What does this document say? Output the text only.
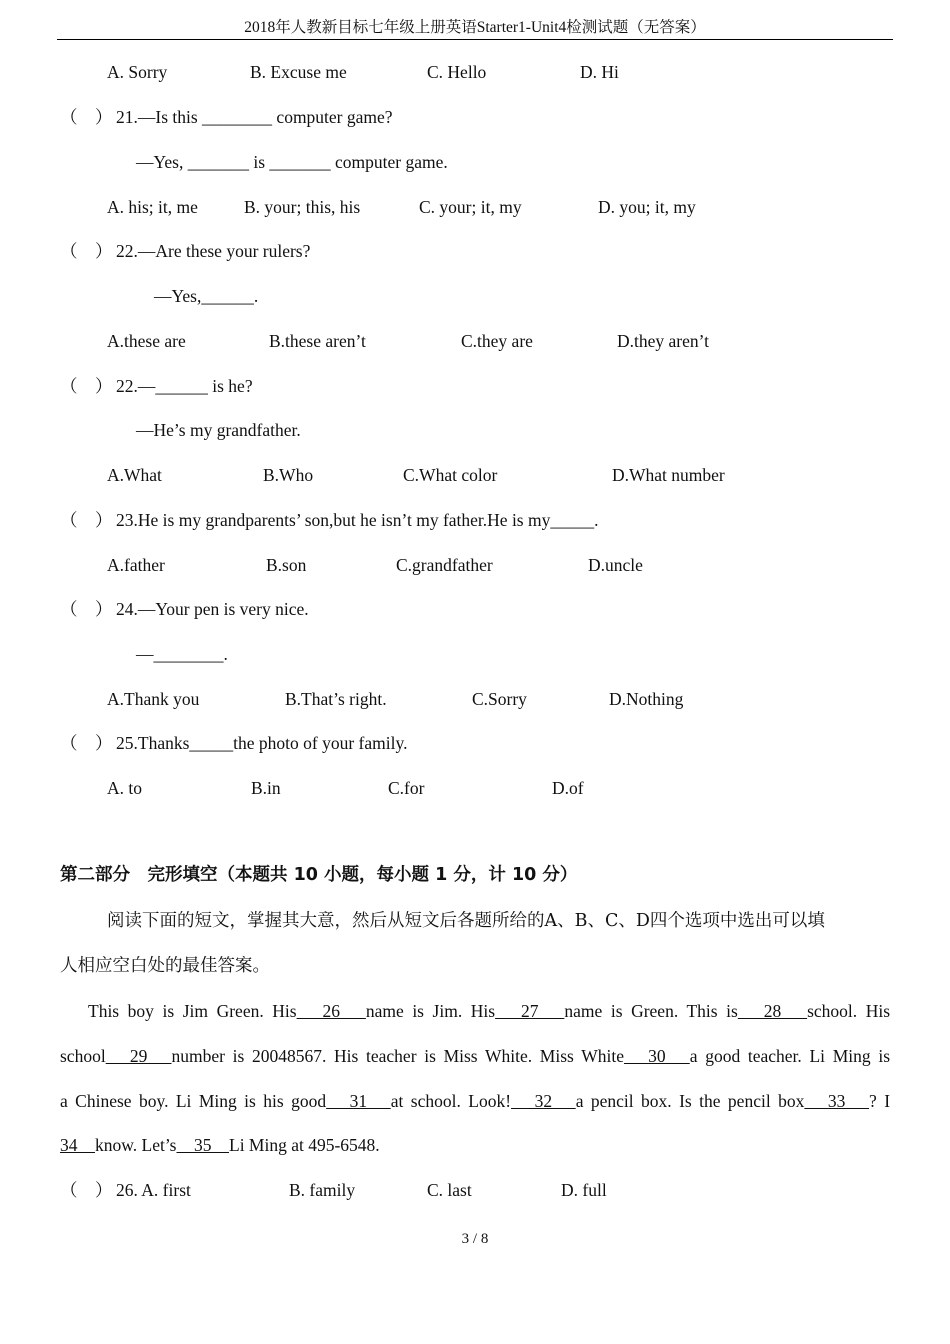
2018年人教新目标七年级上册英语Starter1-Unit4检测试题（无答案）
A. Sorry	B. Excuse me	C. Hello	D. Hi
（　） 21.—Is this ________ computer game?
—Yes, _______ is _______ computer game.
A. his; it, me	B. your; this, his	C. your; it, my	D. you; it, my
（　） 22.—Are these your rulers?
—Yes,______.
A.these are	B.these aren’t	C.they are	D.they aren’t
（　） 22.—______ is he?
—He’s my grandfather.
A.What	B.Who	C.What color	D.What number
（　） 23.He is my grandparents’ son,but he isn’t my father.He is my_____.
A.father	B.son	C.grandfather	D.uncle
（　） 24.—Your pen is very nice.
—________.
A.Thank you	B.That’s right.	C.Sorry	D.Nothing
（　） 25.Thanks_____the photo of your family.
A. to	B.in	C.for	D.of
第二部分　完形填空（本题共 10 小题，每小题 1 分，计 10 分）
阅读下面的短文，掌握其大意，然后从短文后各题所给的A、B、C、D四个选项中选出可以填
人相应空白处的最佳答案。
This boy is Jim Green. His　26　name is Jim. His　27　name is Green. This is　28　school. His
school　29　number is 20048567. His teacher is Miss White. Miss White　30　a good teacher. Li Ming is
a Chinese boy. Li Ming is his good　31　at school. Look!　32　a pencil box. Is the pencil box　33　? I
34　 know. Let’s　35　Li Ming at 495-6548.
（　） 26. A. first	B. family	C. last	D. full
3 / 8
